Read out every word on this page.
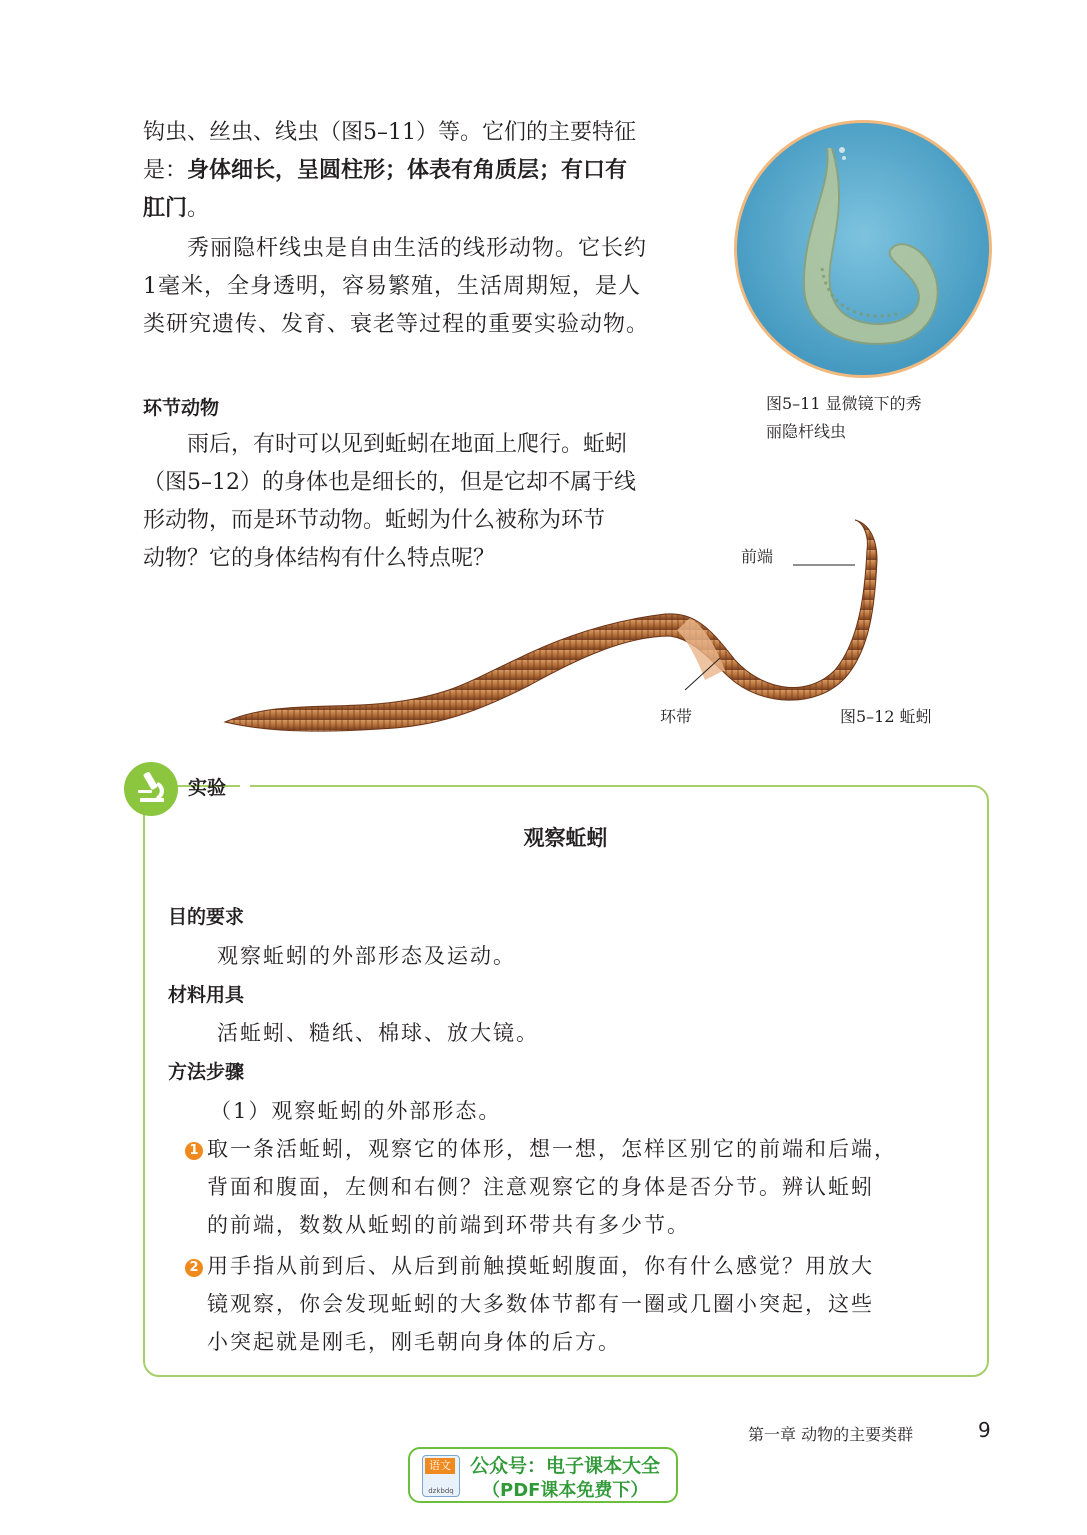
钩虫、丝虫、线虫（图5–11）等。它们的主要特征
是：身体细长，呈圆柱形；体表有角质层；有口有
肛门。
秀丽隐杆线虫是自由生活的线形动物。它长约
1毫米，全身透明，容易繁殖，生活周期短，是人
类研究遗传、发育、衰老等过程的重要实验动物。
图5–11 显微镜下的秀
丽隐杆线虫
环节动物
雨后，有时可以见到蚯蚓在地面上爬行。蚯蚓
（图5–12）的身体也是细长的，但是它却不属于线
形动物，而是环节动物。蚯蚓为什么被称为环节
动物？它的身体结构有什么特点呢？	前端
环带	图5–12 蚯蚓
实验
观察蚯蚓
目的要求
观察蚯蚓的外部形态及运动。
材料用具
活蚯蚓、糙纸、棉球、放大镜。
方法步骤
（1）观察蚯蚓的外部形态。
1 取一条活蚯蚓，观察它的体形，想一想，怎样区别它的前端和后端，
背面和腹面，左侧和右侧？注意观察它的身体是否分节。辨认蚯蚓
的前端，数数从蚯蚓的前端到环带共有多少节。
2 用手指从前到后、从后到前触摸蚯蚓腹面，你有什么感觉？用放大
镜观察，你会发现蚯蚓的大多数体节都有一圈或几圈小突起，这些
小突起就是刚毛，刚毛朝向身体的后方。
第一章 动物的主要类群	9
语文
dzkbdq
公众号：电子课本大全
（PDF课本免费下）
